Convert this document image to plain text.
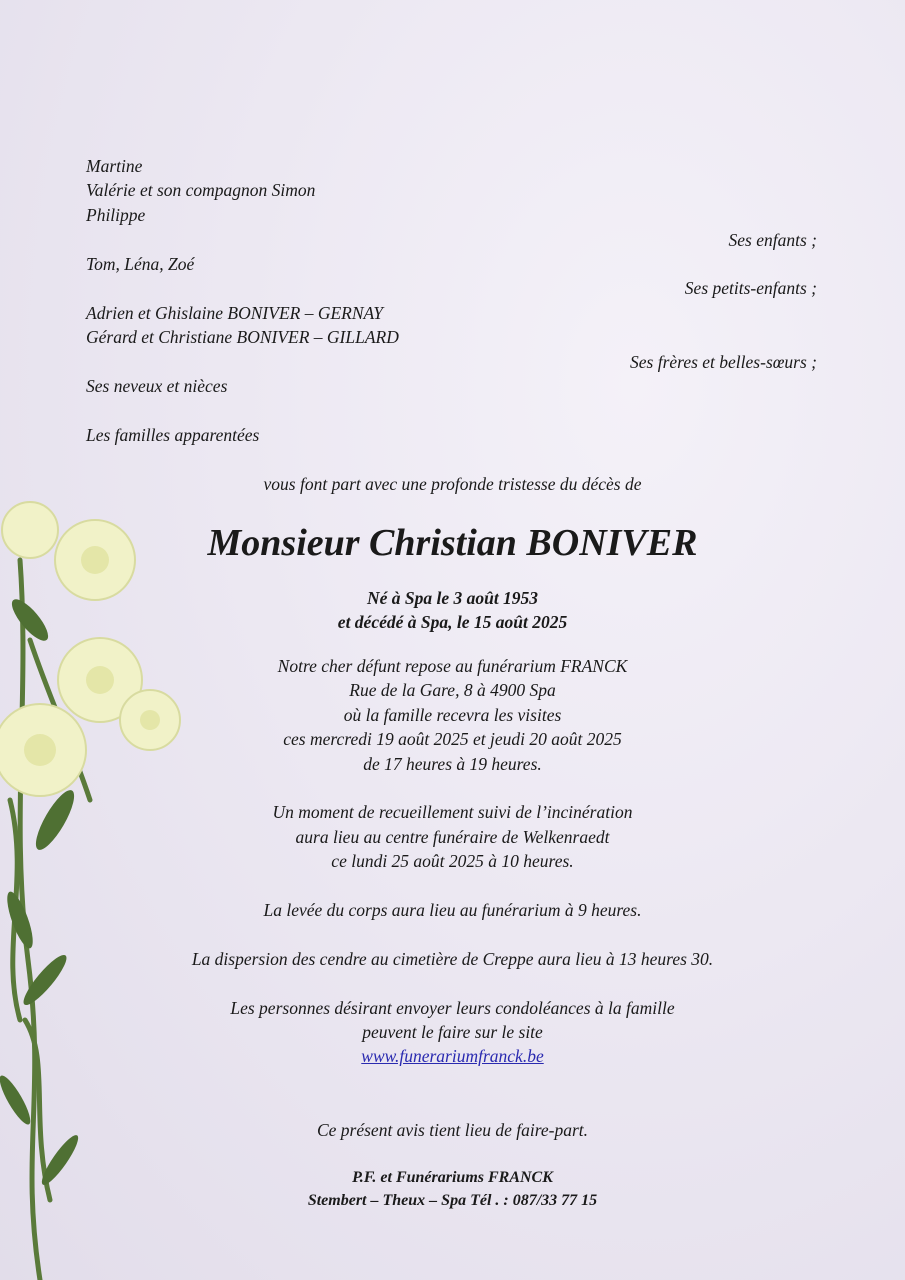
Martine
Valérie et son compagnon Simon
Philippe
Ses enfants ;
Tom, Léna, Zoé
Ses petits-enfants ;
Adrien et Ghislaine BONIVER – GERNAY
Gérard et Christiane BONIVER – GILLARD
Ses frères et belles-sœurs ;
Ses neveux et nièces
Les familles apparentées
vous font part avec une profonde tristesse du décès de
Monsieur Christian BONIVER
Né à Spa le 3 août 1953
et décédé à Spa, le 15 août 2025
Notre cher défunt repose au funérarium FRANCK
Rue de la Gare, 8 à 4900 Spa
où la famille recevra les visites
ces mercredi 19 août 2025 et jeudi 20 août 2025
de 17 heures à 19 heures.
Un moment de recueillement suivi de l’incinération
aura lieu au centre funéraire de Welkenraedt
ce lundi 25 août 2025 à 10 heures.
La levée du corps aura lieu au funérarium à 9 heures.
La dispersion des cendre au cimetière de Creppe aura lieu à 13 heures 30.
Les personnes désirant envoyer leurs condoléances à la famille
peuvent le faire sur le site
www.funerariumfranck.be
Ce présent avis tient lieu de faire-part.
P.F. et Funérariums FRANCK
Stembert – Theux – Spa Tél . : 087/33 77 15
